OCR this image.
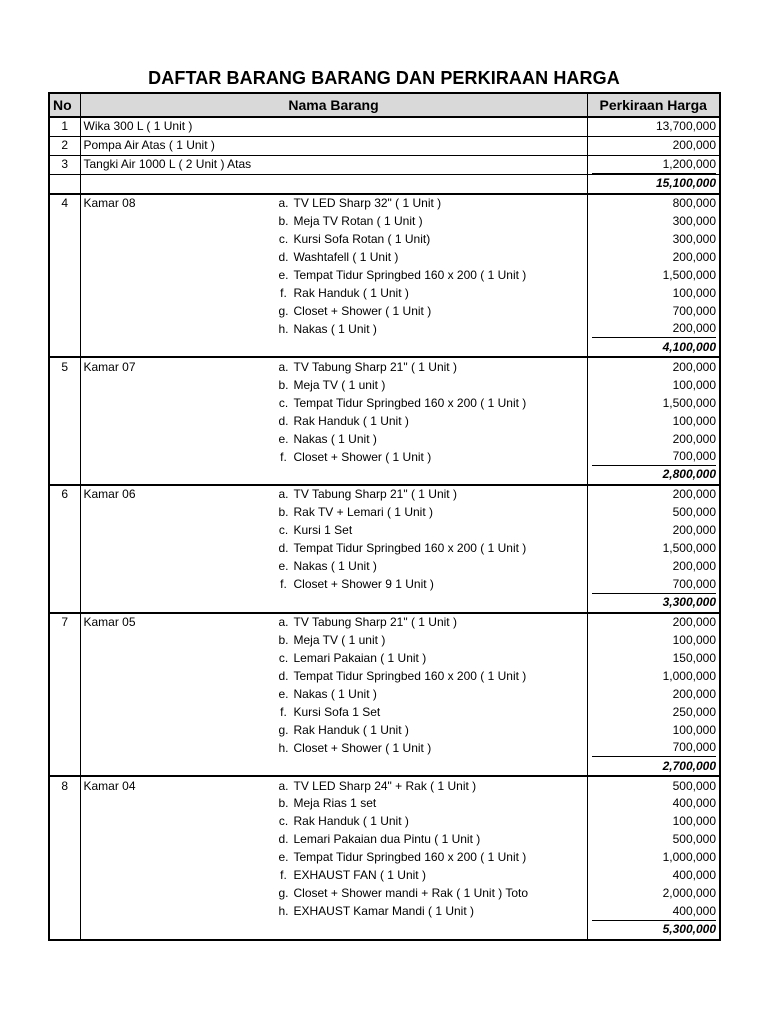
DAFTAR BARANG BARANG DAN PERKIRAAN HARGA
No	Nama Barang	Perkiraan Harga
1	Wika 300 L ( 1 Unit )	13,700,000
2	Pompa Air Atas ( 1 Unit )	200,000
3	Tangki Air 1000 L ( 2 Unit ) Atas	1,200,000
		15,100,000
4	Kamar 08 a. TV LED Sharp 32" ( 1 Unit )	800,000
	b. Meja TV Rotan ( 1 Unit )	300,000
	c. Kursi Sofa Rotan ( 1 Unit)	300,000
	d. Washtafell ( 1 Unit )	200,000
	e. Tempat Tidur Springbed 160 x 200 ( 1 Unit )	1,500,000
	f. Rak Handuk ( 1 Unit )	100,000
	g. Closet + Shower ( 1 Unit )	700,000
	h. Nakas ( 1 Unit )	200,000
		4,100,000
5	Kamar 07 a. TV Tabung Sharp 21" ( 1 Unit )	200,000
	b. Meja TV ( 1 unit )	100,000
	c. Tempat Tidur Springbed 160 x 200 ( 1 Unit )	1,500,000
	d. Rak Handuk ( 1 Unit )	100,000
	e. Nakas ( 1 Unit )	200,000
	f. Closet + Shower ( 1 Unit )	700,000
		2,800,000
6	Kamar 06 a. TV Tabung Sharp 21" ( 1 Unit )	200,000
	b. Rak TV + Lemari ( 1 Unit )	500,000
	c. Kursi 1 Set	200,000
	d. Tempat Tidur Springbed 160 x 200 ( 1 Unit )	1,500,000
	e. Nakas ( 1 Unit )	200,000
	f. Closet + Shower 9 1 Unit )	700,000
		3,300,000
7	Kamar 05 a. TV Tabung Sharp 21" ( 1 Unit )	200,000
	b. Meja TV ( 1 unit )	100,000
	c. Lemari Pakaian ( 1 Unit )	150,000
	d. Tempat Tidur Springbed 160 x 200 ( 1 Unit )	1,000,000
	e. Nakas ( 1 Unit )	200,000
	f. Kursi Sofa 1 Set	250,000
	g. Rak Handuk ( 1 Unit )	100,000
	h. Closet + Shower ( 1 Unit )	700,000
		2,700,000
8	Kamar 04 a. TV LED Sharp 24" + Rak ( 1 Unit )	500,000
	b. Meja Rias 1 set	400,000
	c. Rak Handuk ( 1 Unit )	100,000
	d. Lemari Pakaian dua Pintu ( 1 Unit )	500,000
	e. Tempat Tidur Springbed 160 x 200 ( 1 Unit )	1,000,000
	f. EXHAUST FAN ( 1 Unit )	400,000
	g. Closet + Shower mandi + Rak ( 1 Unit ) Toto	2,000,000
	h. EXHAUST Kamar Mandi ( 1 Unit )	400,000
		5,300,000
